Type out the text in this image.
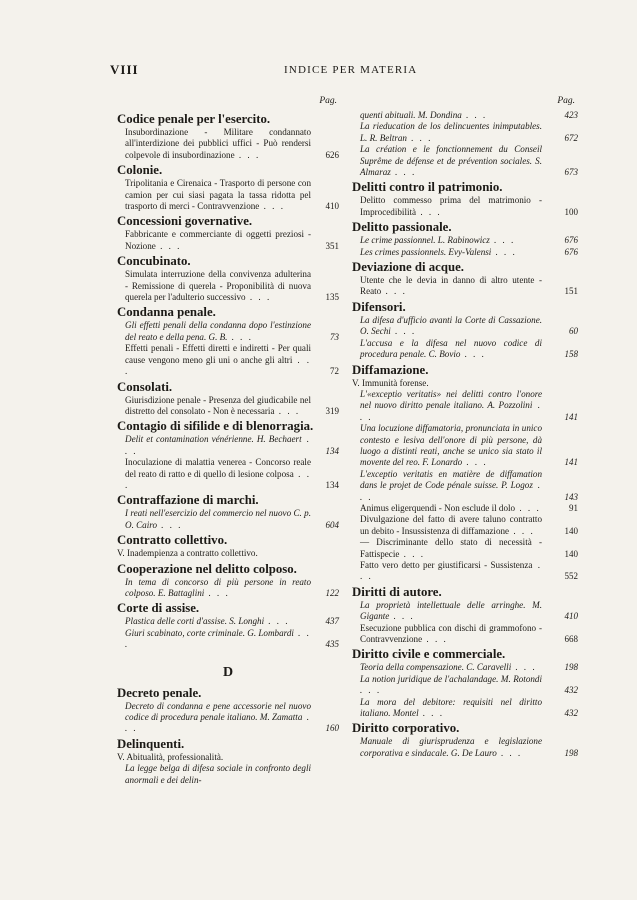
VIII	INDICE PER MATERIA
Pag.
Codice penale per l'esercito.
Insubordinazione - Militare condannato all'interdizione dei pubblici uffici - Può rendersi colpevole di insubordinazione . . .	626
Colonie.
Tripolitania e Cirenaica - Trasporto di persone con camion per cui siasi pagata la tassa ridotta pel trasporto di merci - Contravvenzione . . .	410
Concessioni governative.
Fabbricante e commerciante di oggetti preziosi - Nozione . . .	351
Concubinato.
Simulata interruzione della convivenza adulterina - Remissione di querela - Proponibilità di nuova querela per l'adulterio successivo . . .	135
Condanna penale.
Gli effetti penali della condanna dopo l'estinzione del reato e della pena. G. B. . . .	73
Effetti penali - Effetti diretti e indiretti - Per quali cause vengono meno gli uni o anche gli altri . . .	72
Consolati.
Giurisdizione penale - Presenza del giudicabile nel distretto del consolato - Non è necessaria . . .	319
Contagio di sifilide e di blenorragia.
Delit et contamination vénérienne. H. Bechaert . . .	134
Inoculazione di malattia venerea - Concorso reale del reato di ratto e di quello di lesione colposa . . .	134
Contraffazione di marchi.
I reati nell'esercizio del commercio nel nuovo C. p. O. Cairo . . .	604
Contratto collettivo.
V. Inadempienza a contratto collettivo.
Cooperazione nel delitto colposo.
In tema di concorso di più persone in reato colposo. E. Battaglini . . .	122
Corte di assise.
Plastica delle corti d'assise. S. Longhi . . .	437
Giuri scabinato, corte criminale. G. Lombardi . . .	435
D
Decreto penale.
Decreto di condanna e pene accessorie nel nuovo codice di procedura penale italiano. M. Zamatta . . .	160
Delinquenti.
V. Abitualità, professionalità.
La legge belga di difesa sociale in confronto degli anormali e dei delin-
Pag.
quenti abituali. M. Dondina . . .	423
La rieducation de los delincuentes inimputables. L. R. Beltran . . .	672
La création e le fonctionnement du Conseil Suprême de défense et de prévention sociales. S. Almaraz . . .	673
Delitti contro il patrimonio.
Delitto commesso prima del matrimonio - Improcedibilità . . .	100
Delitto passionale.
Le crime passionnel. L. Rabinowicz . . .	676
Les crimes passionnels. Evy-Valensi . . .	676
Deviazione di acque.
Utente che le devia in danno di altro utente - Reato . . .	151
Difensori.
La difesa d'ufficio avanti la Corte di Cassazione. O. Sechi . . .	60
L'accusa e la difesa nel nuovo codice di procedura penale. C. Bovio . . .	158
Diffamazione.
V. Immunità forense.
L'«exceptio veritatis» nei delitti contro l'onore nel nuovo diritto penale italiano. A. Pozzolini . . .	141
Una locuzione diffamatoria, pronunciata in unico contesto e lesiva dell'onore di più persone, dà luogo a distinti reati, anche se unico sia stato il movente del reo. F. Lonardo . . .	141
L'exceptio veritatis en matière de diffamation dans le projet de Code pénale suisse. P. Logoz . . .	143
Animus eligerquendi - Non esclude il dolo . . .	91
Divulgazione del fatto di avere taluno contratto un debito - Insussistenza di diffamazione . . .	140
— Discriminante dello stato di necessità - Fattispecie . . .	140
Fatto vero detto per giustificarsi - Sussistenza . . .	552
Diritti di autore.
La proprietà intellettuale delle arringhe. M. Gigante . . .	410
Esecuzione pubblica con dischi di grammofono - Contravvenzione . . .	668
Diritto civile e commerciale.
Teoria della compensazione. C. Caravelli . . .	198
La notion juridique de l'achalandage. M. Rotondi . . .	432
La mora del debitore: requisiti nel diritto italiano. Montel . . .	432
Diritto corporativo.
Manuale di giurisprudenza e legislazione corporativa e sindacale. G. De Lauro . . .	198
